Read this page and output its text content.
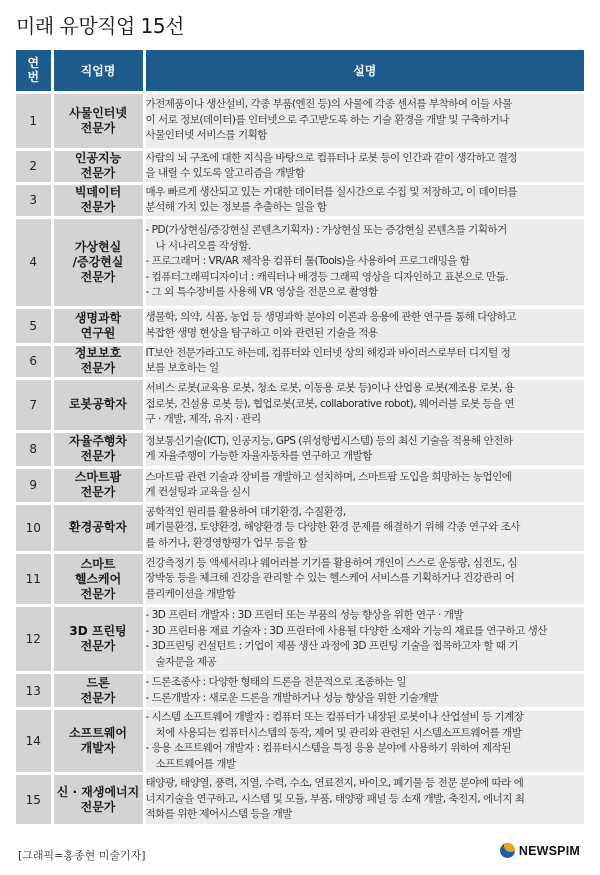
미래 유망직업 15선
연
번	직업명	설명
1	사물인터넷
전문가	가전제품이나 생산설비, 각종 부품(엔진 등)의 사물에 각종 센서를 부착하여 이들 사물
이 서로 정보(데이터)를 인터넷으로 주고받도록 하는 기술 환경을 개발 및 구축하거나
사물인터넷 서비스를 기획함

2	인공지능
전문가	사람의 뇌 구조에 대한 지식을 바탕으로 컴퓨터나 로봇 등이 인간과 같이 생각하고 결정
을 내릴 수 있도록 알고리즘을 개발함

3	빅데이터
전문가	매우 빠르게 생산되고 있는 거대한 데이터를 실시간으로 수집 및 저장하고, 이 데이터를
분석해 가치 있는 정보를 추출하는 일을 함

4	가상현실
/증강현실
전문가	- PD(가상현실/증강현실 콘텐츠기획자) : 가상현실 또는 증강현실 콘텐츠를 기획하거
나 시나리오를 작성함.
- 프로그래머 : VR/AR 제작용 컴퓨터 툴(Tools)을 사용하여 프로그래밍을 함
- 컴퓨터그래픽디자이너 : 캐릭터나 배경등 그래픽 영상을 디자인하고 표본으로 만듦.
- 그 외 특수장비를 사용해 VR 영상을 전문으로 촬영함

5	생명과학
연구원	생물학, 의약, 식품, 농업 등 생명과학 분야의 이론과 응용에 관한 연구를 통해 다양하고
복잡한 생명 현상을 탐구하고 이와 관련된 기술을 적용

6	정보보호
전문가	IT보안 전문가라고도 하는데, 컴퓨터와 인터넷 상의 해킹과 바이러스로부터 디지털 정
보를 보호하는 일

7	로봇공학자	서비스 로봇(교육용 로봇, 청소 로봇, 이동용 로봇 등)이나 산업용 로봇(제조용 로봇, 용
접로봇, 건설용 로봇 등), 협업로봇(코봇, collaborative robot), 웨어러블 로봇 등을 연
구 · 개발, 제작, 유지 · 관리

8	자율주행차
전문가	정보통신기술(ICT), 인공지능, GPS (위성항법시스템) 등의 최신 기술을 적용해 안전하
게 자율주행이 가능한 자율자동차를 연구하고 개발함

9	스마트팜
전문가	스마트팜 관련 기술과 장비를 개발하고 설치하며, 스마트팜 도입을 희망하는 농업인에
게 컨설팅과 교육을 실시

10	환경공학자	공학적인 원리를 활용하여 대기환경, 수질환경,
폐기물환경, 토양환경, 해양환경 등 다양한 환경 문제를 해결하기 위해 각종 연구와 조사
를 하거나, 환경영향평가 업무 등을 함

11	스마트
헬스케어
전문가	건강측정기 등 액세서리나 웨어러블 기기를 활용하여 개인이 스스로 운동량, 심전도, 심
장박동 등을 체크해 건강을 관리할 수 있는 헬스케어 서비스를 기획하거나 건강관리 어
플리케이션을 개발함

12	3D 프린팅
전문가	- 3D 프린터 개발자 : 3D 프린터 또는 부품의 성능 향상을 위한 연구 · 개발
- 3D 프린터용 재료 기술자 : 3D 프린터에 사용될 다양한 소재와 기능의 재료를 연구하고 생산
- 3D프린팅 컨설턴트 : 기업이 제품 생산 과정에 3D 프린팅 기술을 접목하고자 할 때 기
술자문을 제공

13	드론
전문가	- 드론조종사 : 다양한 형태의 드론을 전문적으로 조종하는 일
- 드론개발자 : 새로운 드론을 개발하거나 성능 향상을 위한 기술개발

14	소프트웨어
개발자	- 시스템 소프트웨어 개발자 : 컴퓨터 또는 컴퓨터가 내장된 로봇이나 산업설비 등 기계장
치에 사용되는 컴퓨터시스템의 동작, 제어 및 관리와 관련된 시스템소프트웨어를 개발
- 응용 소프트웨어 개발자 : 컴퓨터시스템을 특정 응용 분야에 사용하기 위하여 제작된
소프트웨어를 개발

15	신 · 재생에너지
전문가	태양광, 태양열, 풍력, 지열, 수력, 수소, 연료전지, 바이오, 폐기물 등 전문 분야에 따라 에
너지기술을 연구하고, 시스템 및 모듈, 부품, 태양광 패널 등 소재 개발, 축전지, 에너지 최
적화를 위한 제어시스템 등을 개발
[그래픽=홍종현 미술기자]	NEWSPIM
